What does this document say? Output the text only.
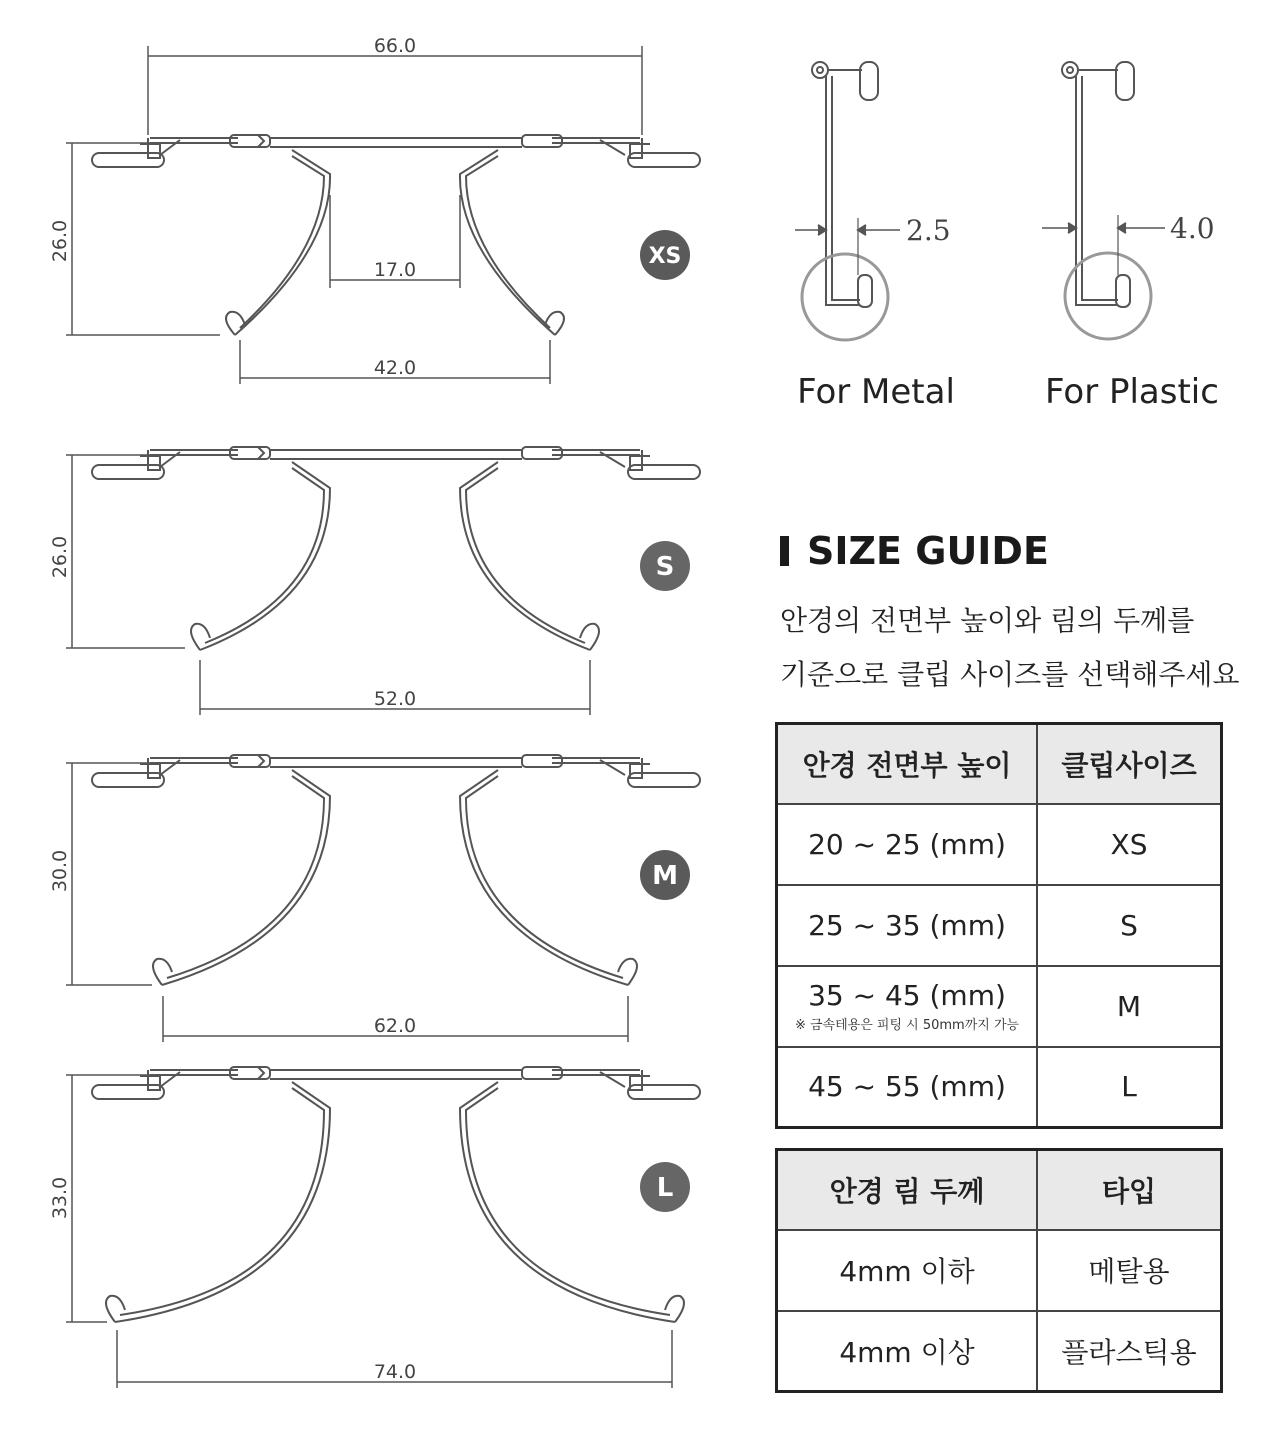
66.0
17.0
42.0
26.0	XS
52.0
26.0	S
62.0
30.0	M
74.0
33.0	L
2.5
For Metal
4.0
For Plastic
SIZE GUIDE
안경의 전면부 높이와 림의 두께를
기준으로 클립 사이즈를 선택해주세요
안경 전면부 높이	클립사이즈
20 ~ 25 (mm)	XS
25 ~ 35 (mm)	S
35 ~ 45 (mm)
※ 금속테용은 피팅 시 50mm까지 가능	M
45 ~ 55 (mm)	L
안경 림 두께	타입
4mm 이하	메탈용
4mm 이상	플라스틱용
